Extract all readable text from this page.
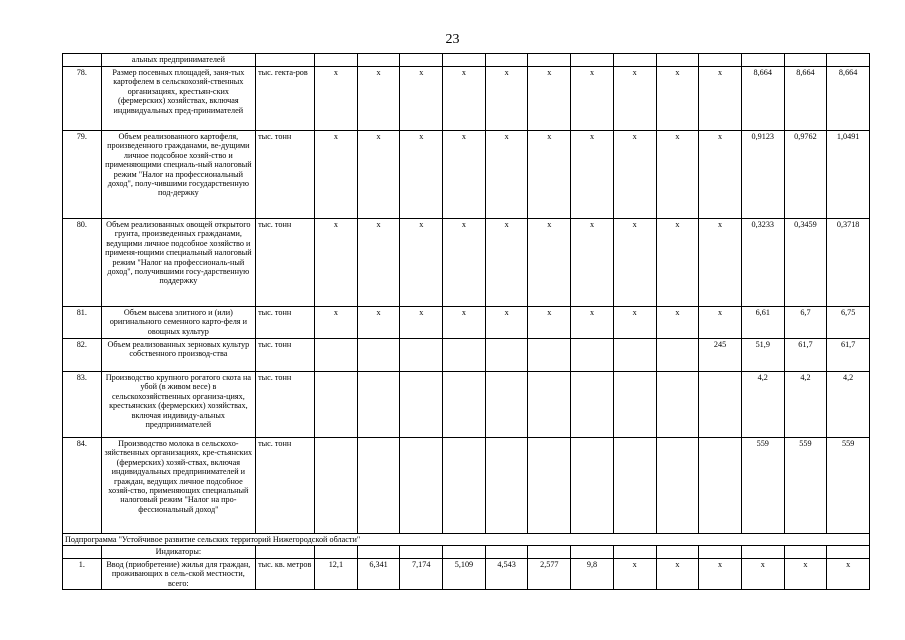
23
	альных предпринимателей														
78.	Размер посевных площадей, заня-тых картофелем в сельскохозяй-ственных организациях, крестьян-ских (фермерских) хозяйствах, включая индивидуальных пред-принимателей	тыс. гекта-ров	x	x	x	x	x	x	x	x	x	x	8,664	8,664	8,664
79.	Объем реализованного картофеля, произведенного гражданами, ве-дущими личное подсобное хозяй-ство и применяющими специаль-ный налоговый режим "Налог на профессиональный доход", полу-чившими государственную под-держку	тыс. тонн	x	x	x	x	x	x	x	x	x	x	0,9123	0,9762	1,0491
80.	Объем реализованных овощей открытого грунта, произведенных гражданами, ведущими личное подсобное хозяйство и применя-ющими специальный налоговый режим "Налог на профессиональ-ный доход", получившими госу-дарственную поддержку	тыс. тонн	x	x	x	x	x	x	x	x	x	x	0,3233	0,3459	0,3718
81.	Объем высева элитного и (или) оригинального семенного карто-феля и овощных культур	тыс. тонн	x	x	x	x	x	x	x	x	x	x	6,61	6,7	6,75
82.	Объем реализованных зерновых культур собственного производ-ства	тыс. тонн										245	51,9	61,7	61,7
83.	Производство крупного рогатого скота на убой (в живом весе) в сельскохозяйственных организа-циях, крестьянских (фермерских) хозяйствах, включая индивиду-альных предпринимателей	тыс. тонн											4,2	4,2	4,2
84.	Производство молока в сельскохо-зяйственных организациях, кре-стьянских (фермерских) хозяй-ствах, включая индивидуальных предпринимателей и граждан, ведущих личное подсобное хозяй-ство, применяющих специальный налоговый режим "Налог на про-фессиональный доход"	тыс. тонн											559	559	559
Подпрограмма "Устойчивое развитие сельских территорий Нижегородской области"															
	Индикаторы:														
1.	Ввод (приобретение) жилья для граждан, проживающих в сель-ской местности, всего:	тыс. кв. метров	12,1	6,341	7,174	5,109	4,543	2,577	9,8	x	x	x	x	x	x
